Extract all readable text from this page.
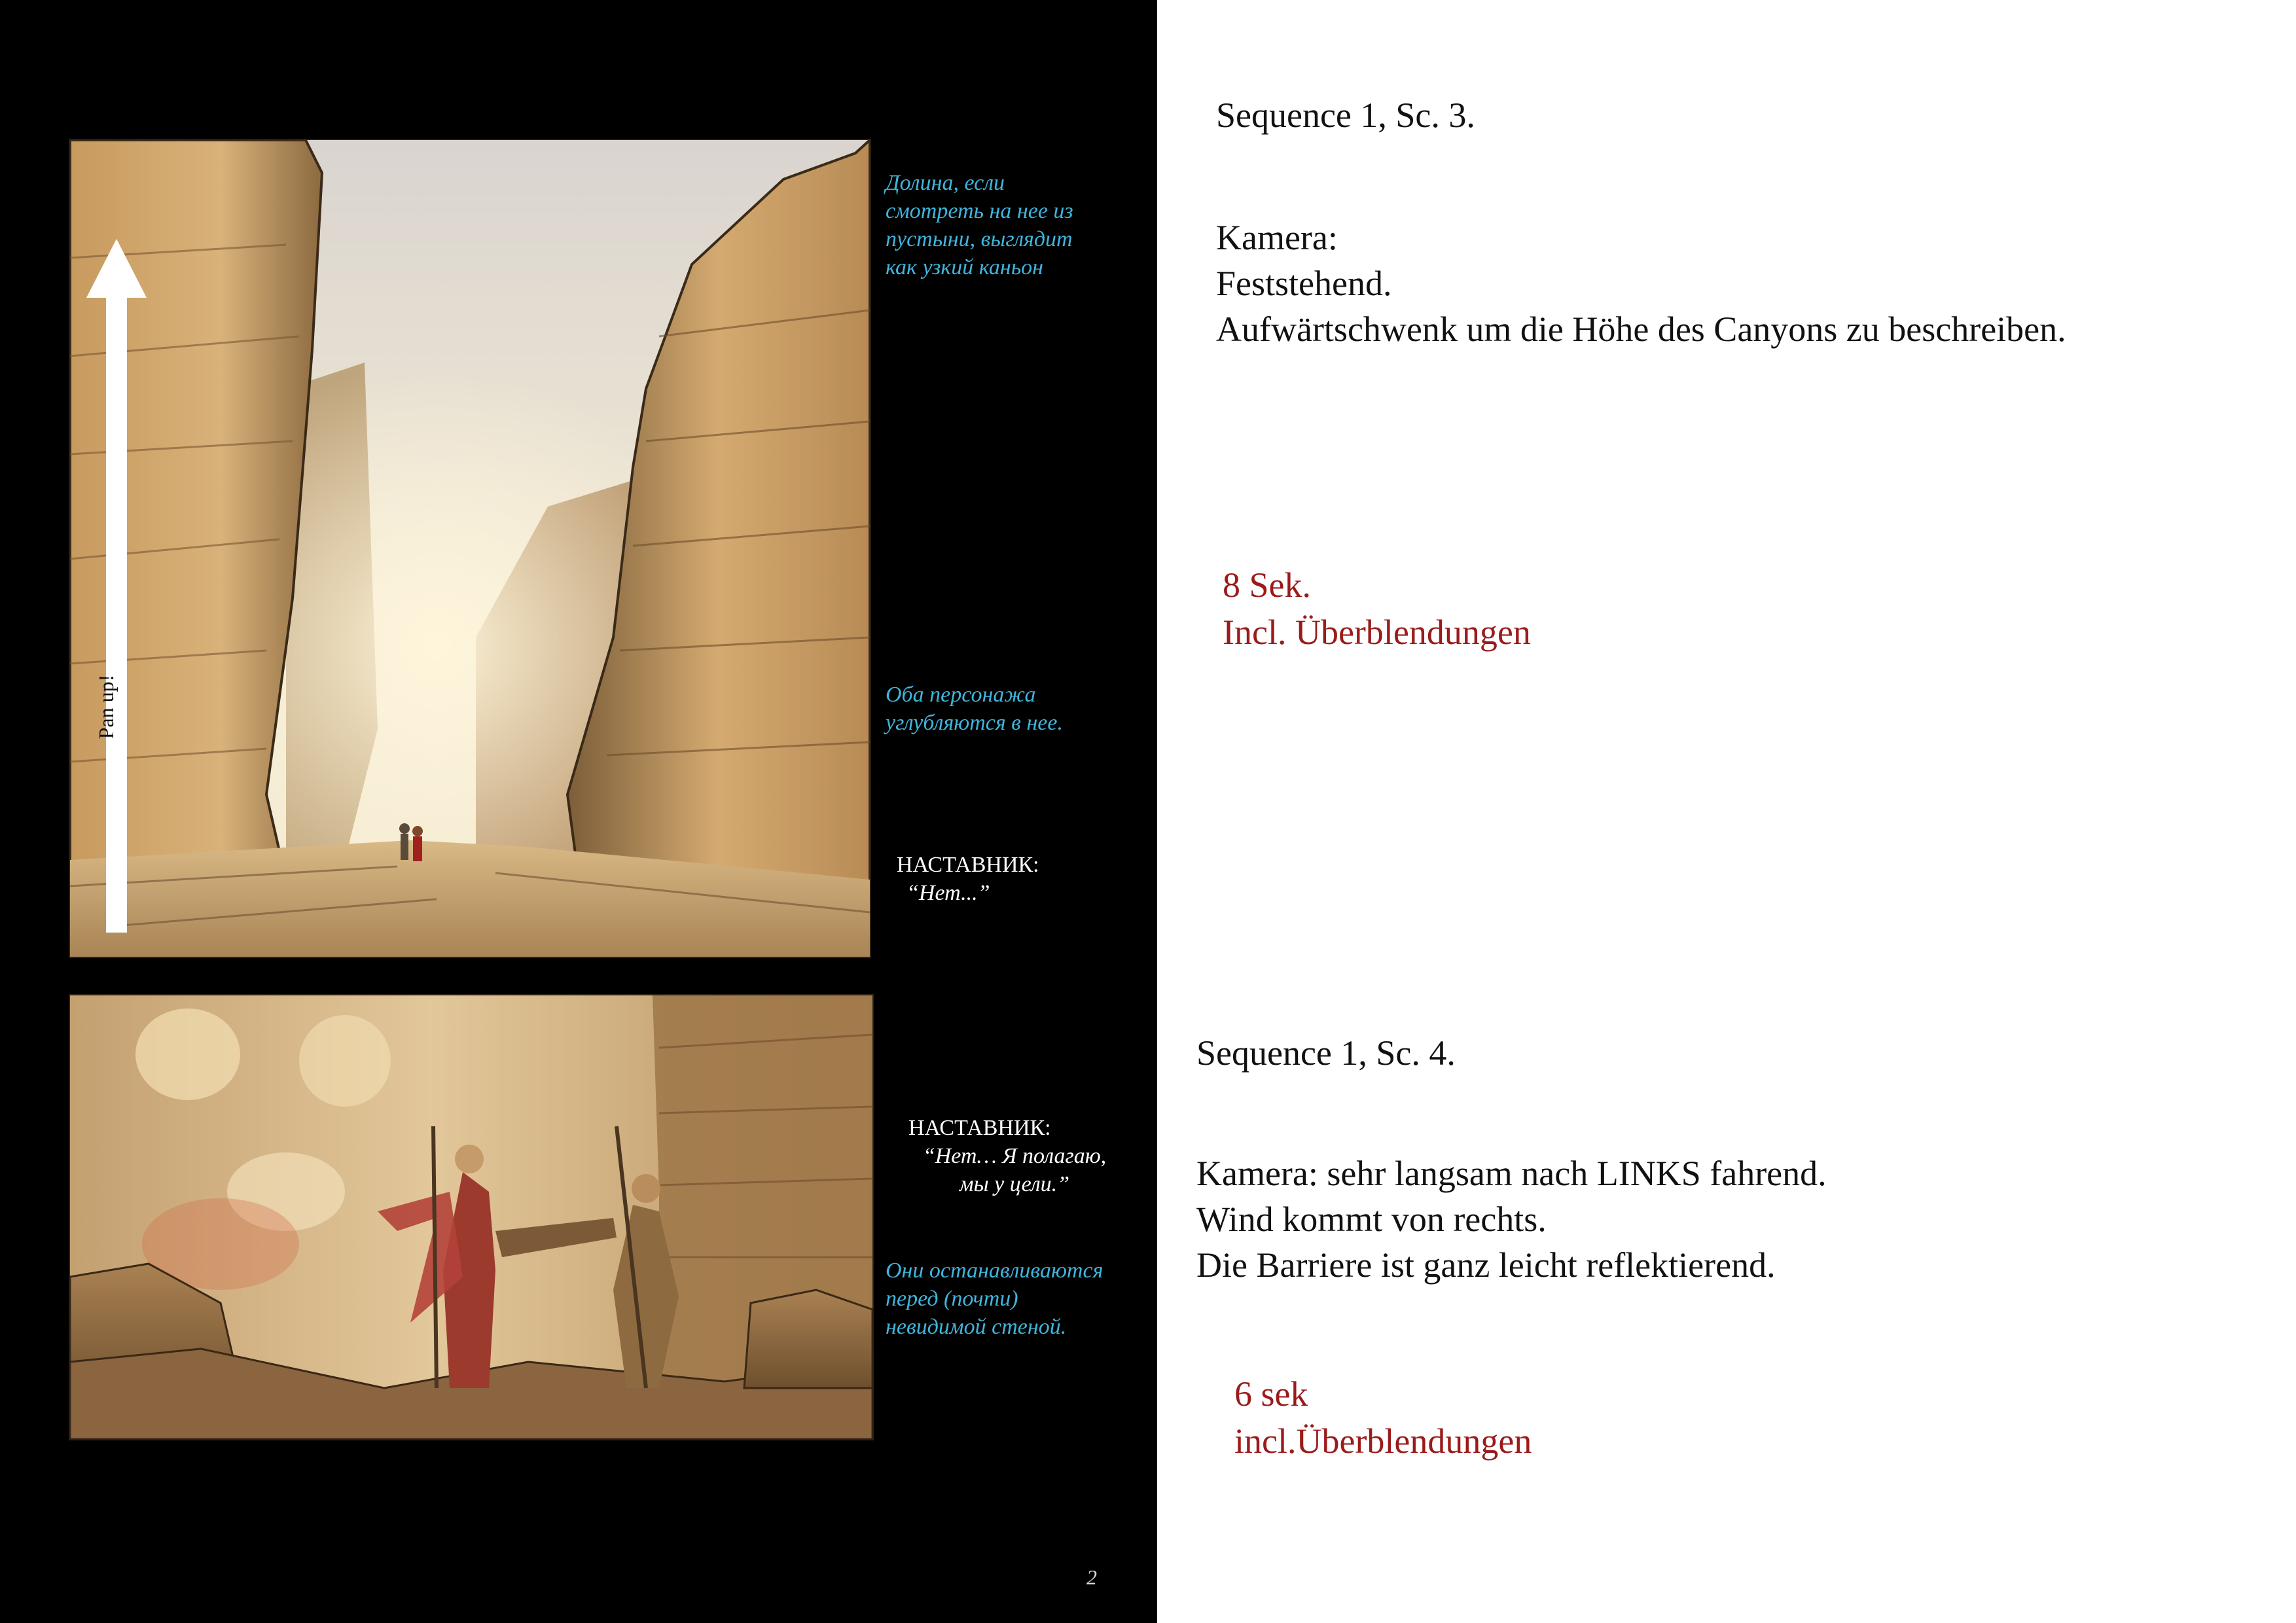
Pan up!

Долина, если
смотреть на нее из
пустыни, выглядит
как узкий каньон

Оба персонажа
углубляются в нее.

НАСТАВНИК:

“Нет...”

НАСТАВНИК:

“Нет… Я полагаю,
мы у цели.”

Они останавливаются
перед (почти)
невидимой стеной.

2

Sequence 1, Sc. 3.

Kamera:
Feststehend.
Aufwärtschwenk um die Höhe des Canyons zu beschreiben.

8 Sek.
Incl. Überblendungen

Sequence 1, Sc. 4.

Kamera: sehr langsam nach LINKS fahrend.
Wind kommt von rechts.
Die Barriere ist ganz leicht reflektierend.

6 sek
incl.Überblendungen
